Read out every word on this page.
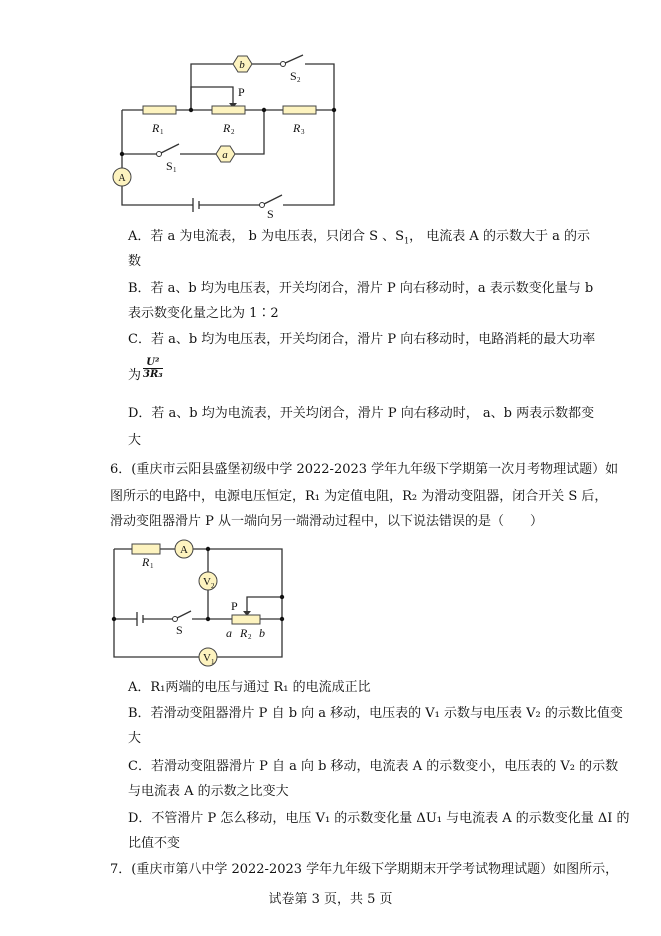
b
a
A
P
R 1	R 2	R 3
S 1
S 2
S
A．若 a 为电流表， b 为电压表，只闭合 S 、$S_1$， 电流表 A 的示数大于 a 的示
数
B．若 a、b 均为电压表，开关均闭合，滑片 P 向右移动时，a 表示数变化量与 b
表示数变化量之比为 1∶2
C．若 a、b 均为电压表，开关均闭合，滑片 P 向右移动时，电路消耗的最大功率
为 $\frac{\text{U²}}{\text{3R₃}}$
D．若 a、b 均为电流表，开关均闭合，滑片 P 向右移动时， a、b 两表示数都变
大
6．(重庆市云阳县盛堡初级中学 2022-2023 学年九年级下学期第一次月考物理试题）如
图所示的电路中，电源电压恒定，R₁ 为定值电阻，R₂ 为滑动变阻器，闭合开关 S 后，
滑动变阻器滑片 P 从一端向另一端滑动过程中，以下说法错误的是（　　）
A
V 2
V 1
R 1
R 2
a b
P
S
A．R₁两端的电压与通过 R₁ 的电流成正比
B．若滑动变阻器滑片 P 自 b 向 a 移动，电压表的 V₁ 示数与电压表 V₂ 的示数比值变
大
C．若滑动变阻器滑片 P 自 a 向 b 移动，电流表 A 的示数变小，电压表的 V₂ 的示数
与电流表 A 的示数之比变大
D．不管滑片 P 怎么移动，电压 V₁ 的示数变化量 ΔU₁ 与电流表 A 的示数变化量 ΔI 的
比值不变
7．(重庆市第八中学 2022-2023 学年九年级下学期期末开学考试物理试题）如图所示，
试卷第 3 页，共 5 页
